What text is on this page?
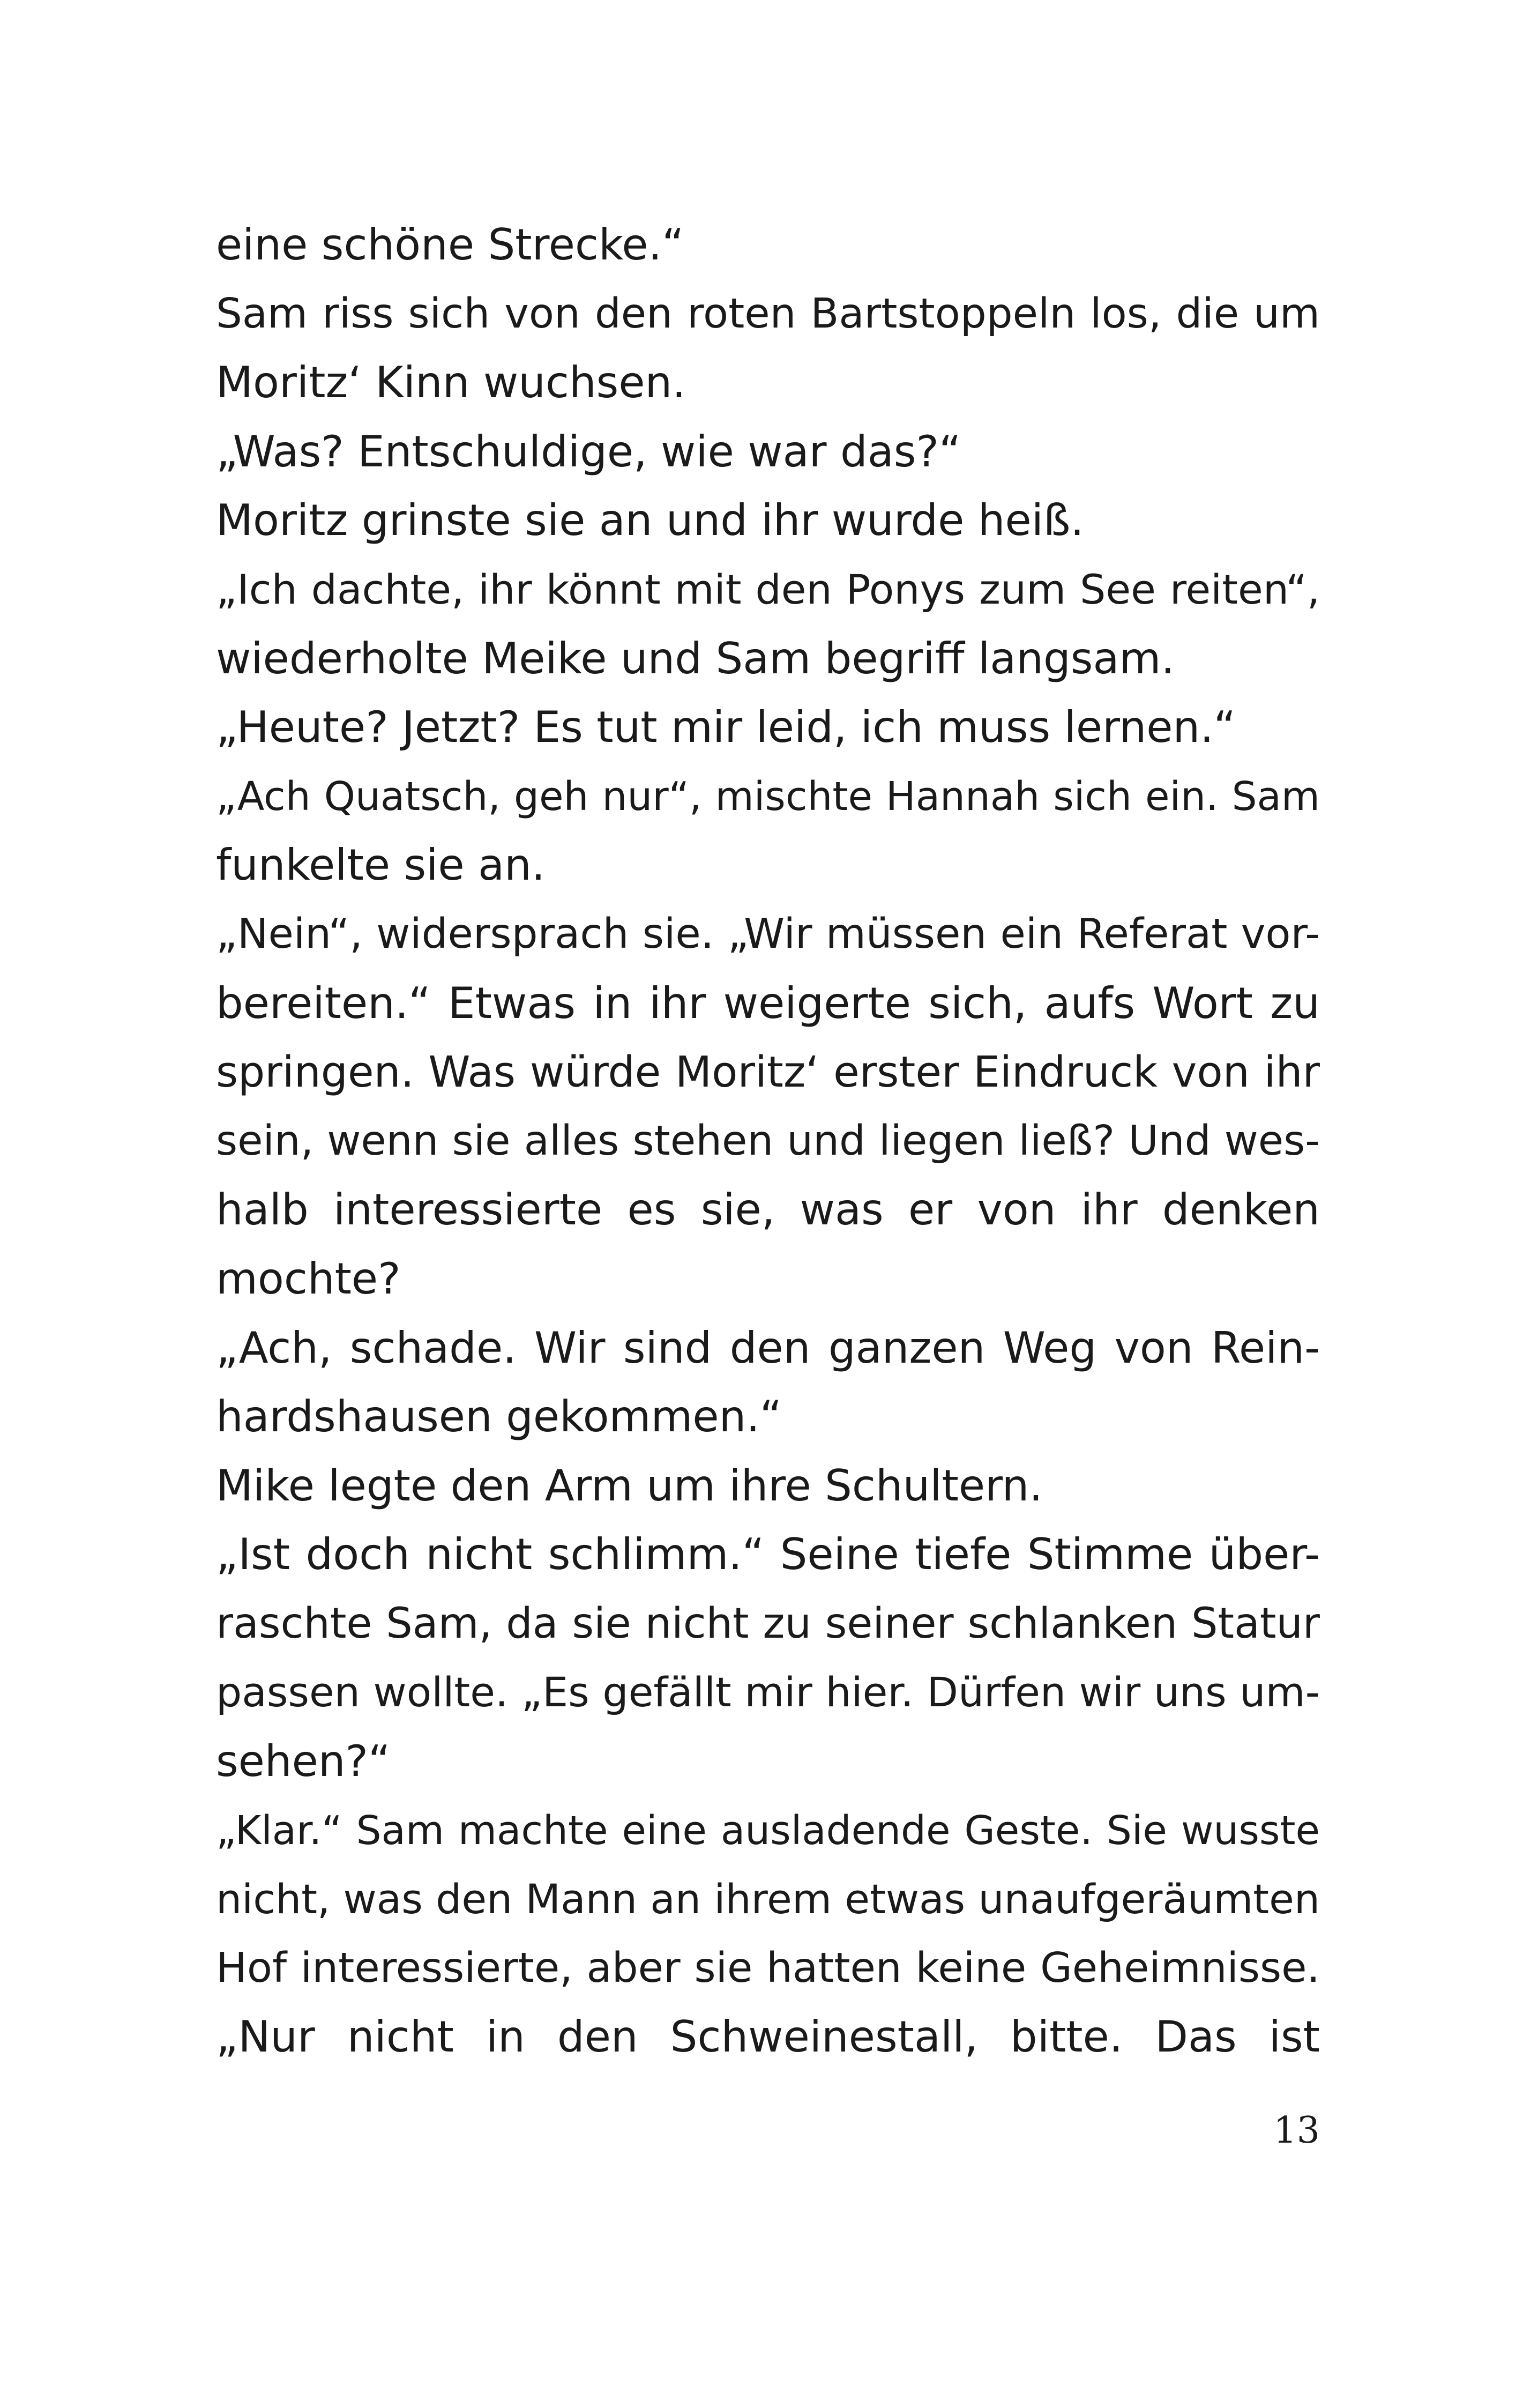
eine schöne Strecke.“
Sam riss sich von den roten Bartstoppeln los, die um
Moritz‘ Kinn wuchsen.
„Was? Entschuldige, wie war das?“
Moritz grinste sie an und ihr wurde heiß.
„Ich dachte, ihr könnt mit den Ponys zum See reiten“,
wiederholte Meike und Sam begriff langsam.
„Heute? Jetzt? Es tut mir leid, ich muss lernen.“
„Ach Quatsch, geh nur“, mischte Hannah sich ein. Sam
funkelte sie an.
„Nein“, widersprach sie. „Wir müssen ein Referat vor-
bereiten.“ Etwas in ihr weigerte sich, aufs Wort zu
springen. Was würde Moritz‘ erster Eindruck von ihr
sein, wenn sie alles stehen und liegen ließ? Und wes-
halb interessierte es sie, was er von ihr denken
mochte?
„Ach, schade. Wir sind den ganzen Weg von Rein-
hardshausen gekommen.“
Mike legte den Arm um ihre Schultern.
„Ist doch nicht schlimm.“ Seine tiefe Stimme über-
raschte Sam, da sie nicht zu seiner schlanken Statur
passen wollte. „Es gefällt mir hier. Dürfen wir uns um-
sehen?“
„Klar.“ Sam machte eine ausladende Geste. Sie wusste
nicht, was den Mann an ihrem etwas unaufgeräumten
Hof interessierte, aber sie hatten keine Geheimnisse.
„Nur nicht in den Schweinestall, bitte. Das ist
13
